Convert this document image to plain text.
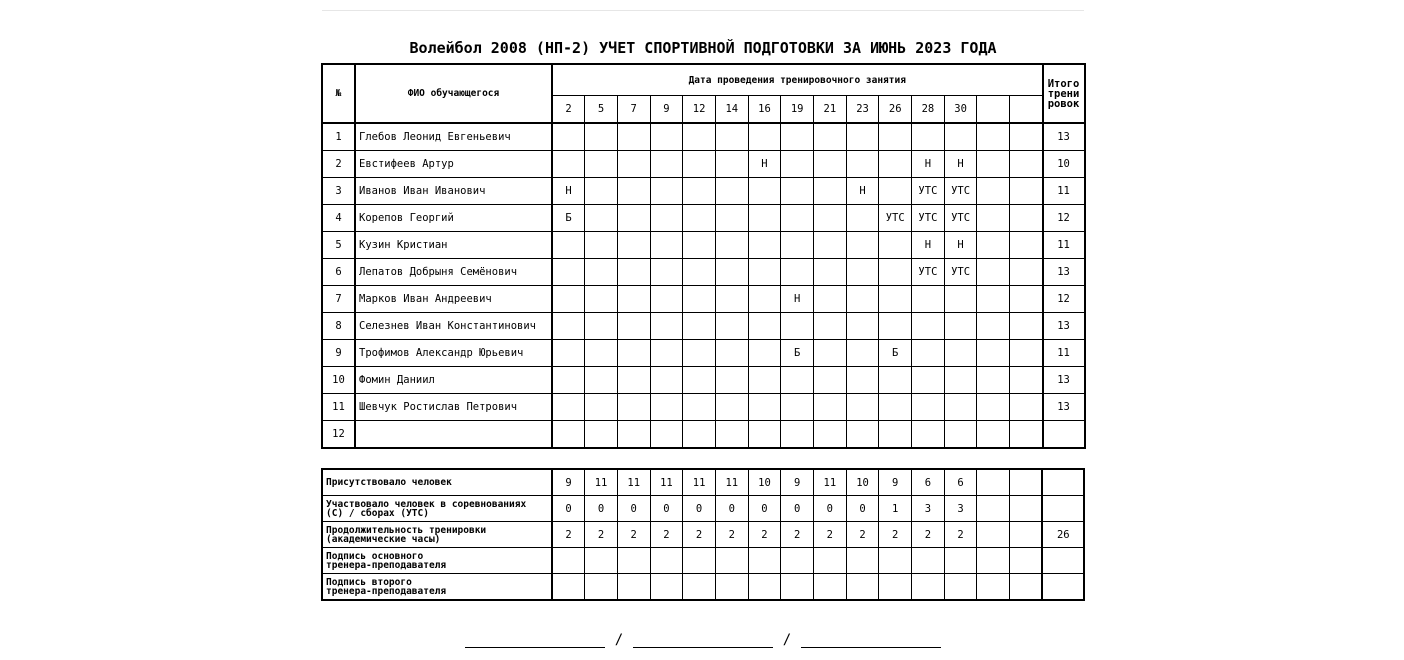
Волейбол 2008 (НП-2) УЧЕТ СПОРТИВНОЙ ПОДГОТОВКИ ЗА ИЮНЬ 2023 ГОДА
№	ФИО обучающегося	Дата проведения тренировочного занятия															Итого
трени
ровок

		2	5	7	9	12	14	16	19	21	23	26	28	30			
1	Глебов Леонид Евгеньевич																13
2	Евстифеев Артур							Н					Н	Н			10
3	Иванов Иван Иванович	Н									Н		УТС	УТС			11
4	Корепов Георгий	Б										УТС	УТС	УТС			12
5	Кузин Кристиан												Н	Н			11
6	Лепатов Добрыня Семёнович												УТС	УТС			13
7	Марков Иван Андреевич								Н								12
8	Селезнев Иван Константинович																13
9	Трофимов Александр Юрьевич								Б			Б					11
10	Фомин Даниил																13
11	Шевчук Ростислав Петрович																13
12																	
Присутствовало человек	9	11	11	11	11	11	10	9	11	10	9	6	6			

Участвовало человек в соревнованиях
(С) / сборах (УТС)	0	0	0	0	0	0	0	0	0	0	1	3	3			

Продолжительность тренировки
(академические часы)	2	2	2	2	2	2	2	2	2	2	2	2	2			26

Подпись основного
тренера-преподавателя																

Подпись второго
тренера-преподавателя																

/	/
